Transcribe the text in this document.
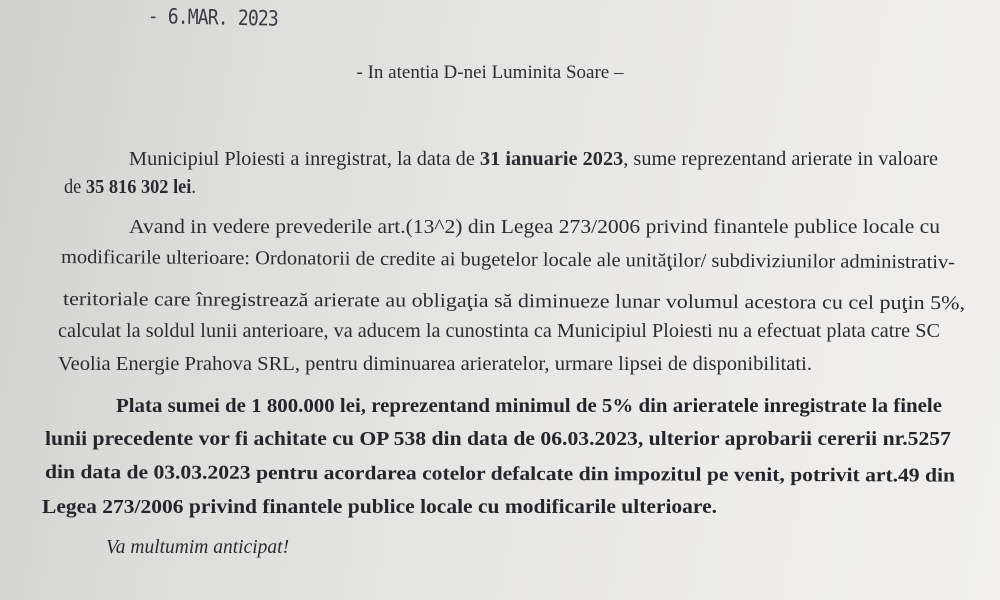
- 6.MAR. 2023
- In atentia D-nei Luminita Soare –
Municipiul Ploiesti a inregistrat, la data de 31 ianuarie 2023, sume reprezentand arierate in valoare
de 35 816 302 lei.
Avand in vedere prevederile art.(13^2) din Legea 273/2006 privind finantele publice locale cu
modificarile ulterioare: Ordonatorii de credite ai bugetelor locale ale unităţilor/ subdiviziunilor administrativ-
teritoriale care înregistrează arierate au obligaţia să diminueze lunar volumul acestora cu cel puţin 5%,
calculat la soldul lunii anterioare, va aducem la cunostinta ca Municipiul Ploiesti nu a efectuat plata catre SC
Veolia Energie Prahova SRL, pentru diminuarea arieratelor, urmare lipsei de disponibilitati.
Plata sumei de 1 800.000 lei, reprezentand minimul de 5% din arieratele inregistrate la finele
lunii precedente vor fi achitate cu OP 538 din data de 06.03.2023, ulterior aprobarii cererii nr.5257
din data de 03.03.2023 pentru acordarea cotelor defalcate din impozitul pe venit, potrivit art.49 din
Legea 273/2006 privind finantele publice locale cu modificarile ulterioare.
Va multumim anticipat!
